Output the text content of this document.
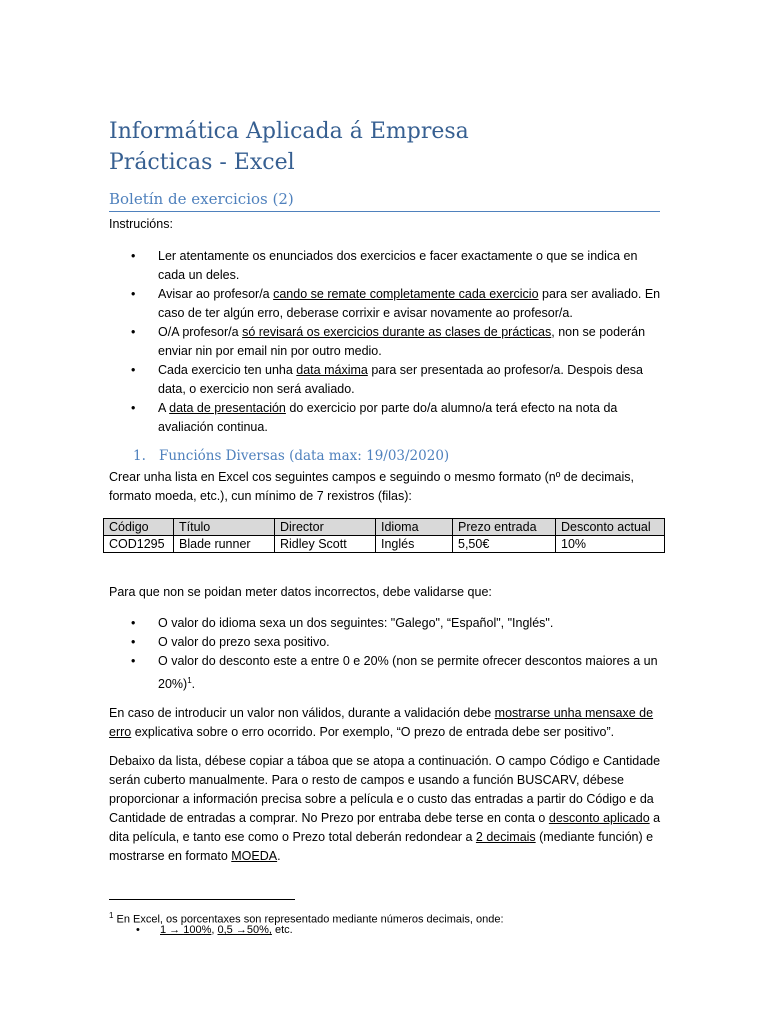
Informática Aplicada á Empresa
Prácticas - Excel
Boletín de exercicios (2)
Instrucións:
• Ler atentamente os enunciados dos exercicios e facer exactamente o que se indica en cada un deles.
• Avisar ao profesor/a cando se remate completamente cada exercicio para ser avaliado. En caso de ter algún erro, deberase corrixir e avisar novamente ao profesor/a.
• O/A profesor/a só revisará os exercicios durante as clases de prácticas, non se poderán enviar nin por email nin por outro medio.
• Cada exercicio ten unha data máxima para ser presentada ao profesor/a. Despois desa data, o exercicio non será avaliado.
• A data de presentación do exercicio por parte do/a alumno/a terá efecto na nota da avaliación continua.
1. Funcións Diversas (data max: 19/03/2020)
Crear unha lista en Excel cos seguintes campos e seguindo o mesmo formato (nº de decimais, formato moeda, etc.), cun mínimo de 7 rexistros (filas):
Código	Título	Director	Idioma	Prezo entrada	Desconto actual
COD1295	Blade runner	Ridley Scott	Inglés	5,50€	10%
Para que non se poidan meter datos incorrectos, debe validarse que:
• O valor do idioma sexa un dos seguintes: "Galego", “Español", "Inglés".
• O valor do prezo sexa positivo.
• O valor do desconto este a entre 0 e 20% (non se permite ofrecer descontos maiores a un 20%)$^1$.
En caso de introducir un valor non válidos, durante a validación debe mostrarse unha mensaxe de erro explicativa sobre o erro ocorrido. Por exemplo, “O prezo de entrada debe ser positivo”.
Debaixo da lista, débese copiar a táboa que se atopa a continuación. O campo Código e Cantidade serán cuberto manualmente. Para o resto de campos e usando a función BUSCARV, débese proporcionar a información precisa sobre a película e o custo das entradas a partir do Código e da Cantidade de entradas a comprar. No Prezo por entraba debe terse en conta o desconto aplicado a dita película, e tanto ese como o Prezo total deberán redondear a 2 decimais (mediante función) e mostrarse en formato MOEDA.
$^1$ En Excel, os porcentaxes son representado mediante números decimais, onde:
• 1 → 100%, 0,5 →50%, etc.
